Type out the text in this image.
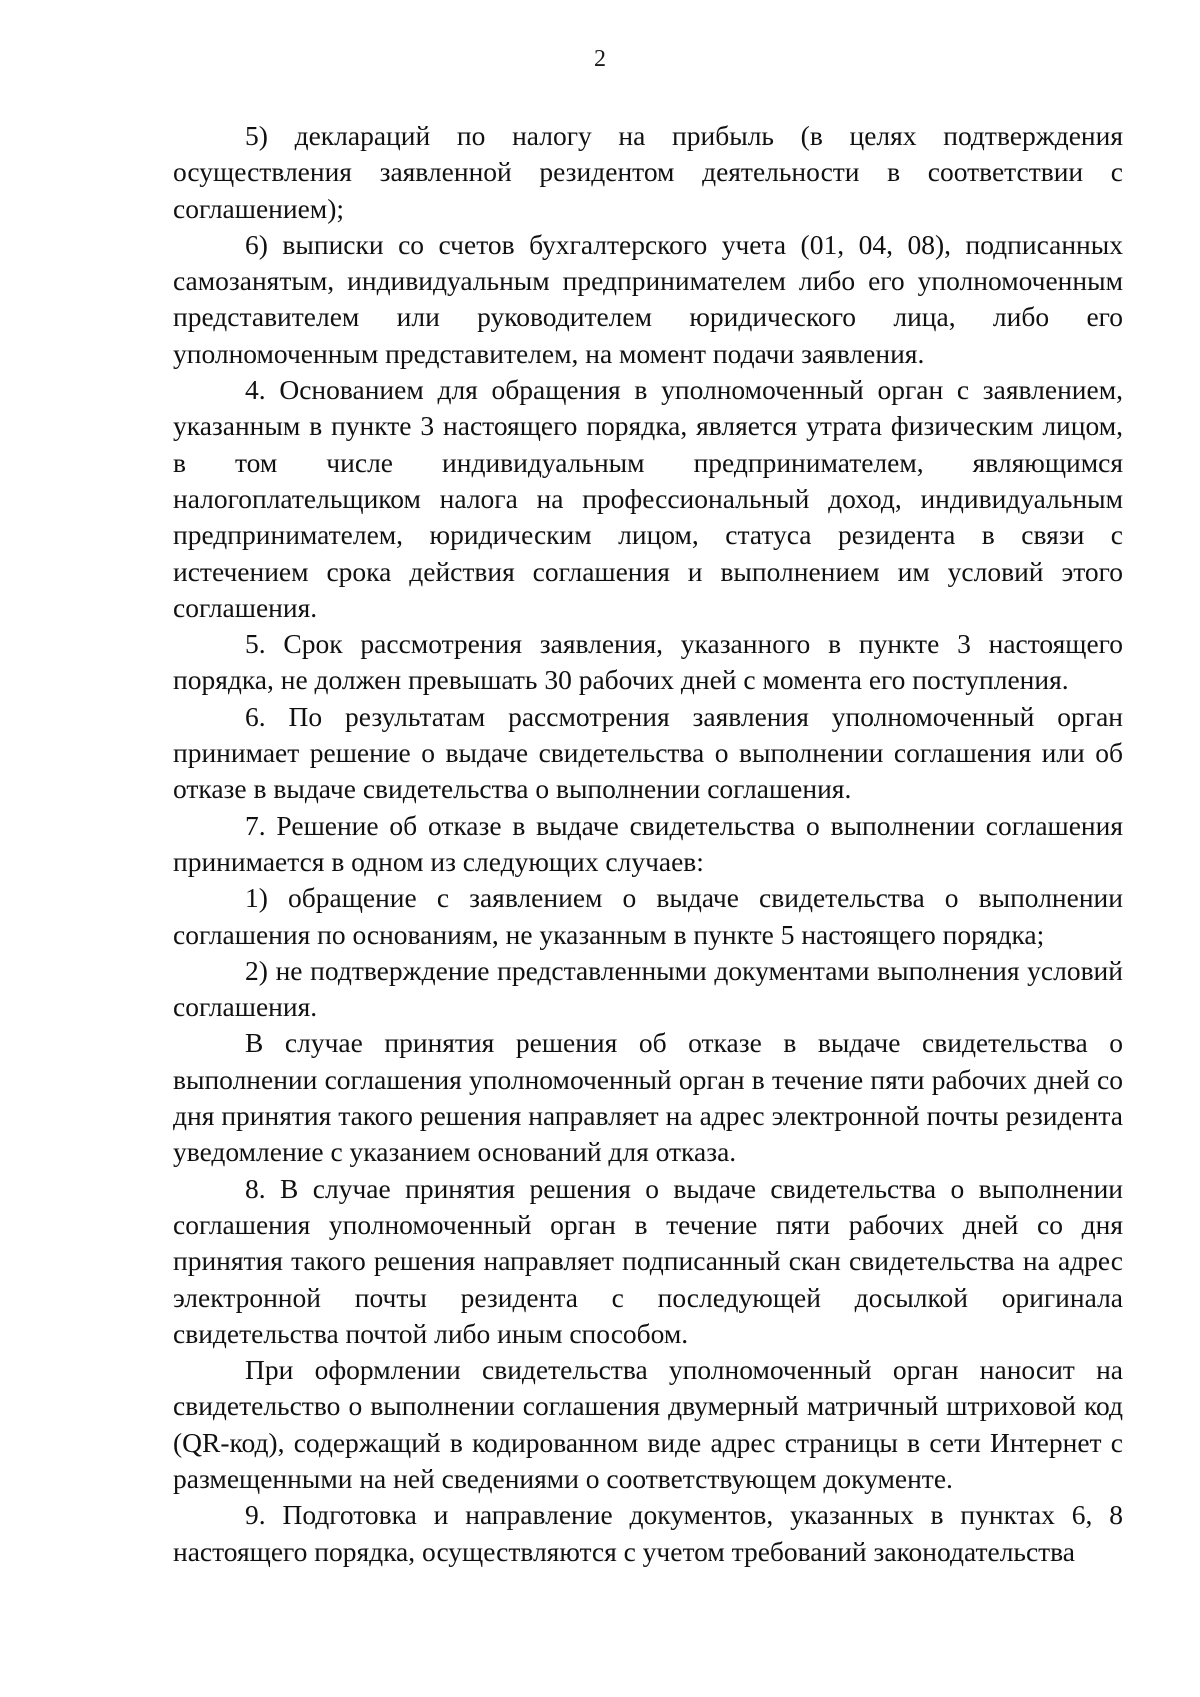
2

5) деклараций по налогу на прибыль (в целях подтверждения осуществления заявленной резидентом деятельности в соответствии с соглашением);

6) выписки со счетов бухгалтерского учета (01, 04, 08), подписанных самозанятым, индивидуальным предпринимателем либо его уполномоченным представителем или руководителем юридического лица, либо его уполномоченным представителем, на момент подачи заявления.

4. Основанием для обращения в уполномоченный орган с заявлением, указанным в пункте 3 настоящего порядка, является утрата физическим лицом, в том числе индивидуальным предпринимателем, являющимся налогоплательщиком налога на профессиональный доход, индивидуальным предпринимателем, юридическим лицом, статуса резидента в связи с истечением срока действия соглашения и выполнением им условий этого соглашения.

5. Срок рассмотрения заявления, указанного в пункте 3 настоящего порядка, не должен превышать 30 рабочих дней с момента его поступления.

6. По результатам рассмотрения заявления уполномоченный орган принимает решение о выдаче свидетельства о выполнении соглашения или об отказе в выдаче свидетельства о выполнении соглашения.

7. Решение об отказе в выдаче свидетельства о выполнении соглашения принимается в одном из следующих случаев:

1) обращение с заявлением о выдаче свидетельства о выполнении соглашения по основаниям, не указанным в пункте 5 настоящего порядка;

2) не подтверждение представленными документами выполнения условий соглашения.

В случае принятия решения об отказе в выдаче свидетельства о выполнении соглашения уполномоченный орган в течение пяти рабочих дней со дня принятия такого решения направляет на адрес электронной почты резидента уведомление с указанием оснований для отказа.

8. В случае принятия решения о выдаче свидетельства о выполнении соглашения уполномоченный орган в течение пяти рабочих дней со дня принятия такого решения направляет подписанный скан свидетельства на адрес электронной почты резидента с последующей досылкой оригинала свидетельства почтой либо иным способом.

При оформлении свидетельства уполномоченный орган наносит на свидетельство о выполнении соглашения двумерный матричный штриховой код (QR-код), содержащий в кодированном виде адрес страницы в сети Интернет с размещенными на ней сведениями о соответствующем документе.

9. Подготовка и направление документов, указанных в пунктах 6, 8 настоящего порядка, осуществляются с учетом требований законодательства
